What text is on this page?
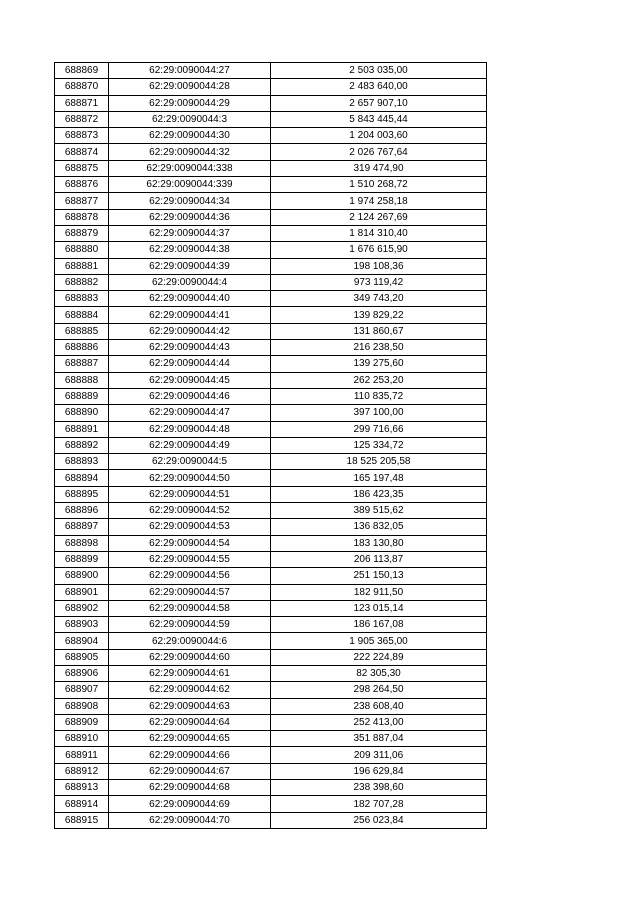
688869	62:29:0090044:27	2 503 035,00
688870	62:29:0090044:28	2 483 640,00
688871	62:29:0090044:29	2 657 907,10
688872	62:29:0090044:3	5 843 445,44
688873	62:29:0090044:30	1 204 003,60
688874	62:29:0090044:32	2 026 767,64
688875	62:29:0090044:338	319 474,90
688876	62:29:0090044:339	1 510 268,72
688877	62:29:0090044:34	1 974 258,18
688878	62:29:0090044:36	2 124 267,69
688879	62:29:0090044:37	1 814 310,40
688880	62:29:0090044:38	1 676 615,90
688881	62:29:0090044:39	198 108,36
688882	62:29:0090044:4	973 119,42
688883	62:29:0090044:40	349 743,20
688884	62:29:0090044:41	139 829,22
688885	62:29:0090044:42	131 860,67
688886	62:29:0090044:43	216 238,50
688887	62:29:0090044:44	139 275,60
688888	62:29:0090044:45	262 253,20
688889	62:29:0090044:46	110 835,72
688890	62:29:0090044:47	397 100,00
688891	62:29:0090044:48	299 716,66
688892	62:29:0090044:49	125 334,72
688893	62:29:0090044:5	18 525 205,58
688894	62:29:0090044:50	165 197,48
688895	62:29:0090044:51	186 423,35
688896	62:29:0090044:52	389 515,62
688897	62:29:0090044:53	136 832,05
688898	62:29:0090044:54	183 130,80
688899	62:29:0090044:55	206 113,87
688900	62:29:0090044:56	251 150,13
688901	62:29:0090044:57	182 911,50
688902	62:29:0090044:58	123 015,14
688903	62:29:0090044:59	186 167,08
688904	62:29:0090044:6	1 905 365,00
688905	62:29:0090044:60	222 224,89
688906	62:29:0090044:61	82 305,30
688907	62:29:0090044:62	298 264,50
688908	62:29:0090044:63	238 608,40
688909	62:29:0090044:64	252 413,00
688910	62:29:0090044:65	351 887,04
688911	62:29:0090044:66	209 311,06
688912	62:29:0090044:67	196 629,84
688913	62:29:0090044:68	238 398,60
688914	62:29:0090044:69	182 707,28
688915	62:29:0090044:70	256 023,84
